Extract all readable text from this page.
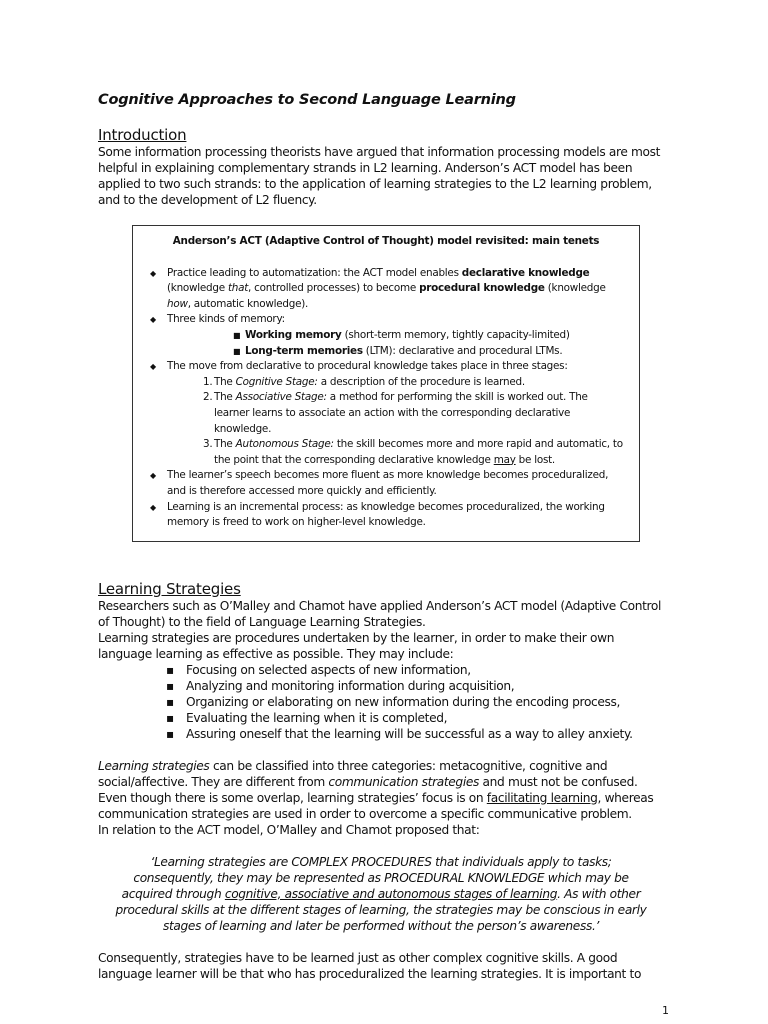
Cognitive Approaches to Second Language Learning

Introduction

Some information processing theorists have argued that information processing models are most helpful in explaining complementary strands in L2 learning. Anderson’s ACT model has been applied to two such strands: to the application of learning strategies to the L2 learning problem, and to the development of L2 fluency.

Anderson’s ACT (Adaptive Control of Thought) model revisited: main tenets

◆ Practice leading to automatization: the ACT model enables declarative knowledge (knowledge that, controlled processes) to become procedural knowledge (knowledge how, automatic knowledge).
◆ Three kinds of memory:
■ Working memory (short-term memory, tightly capacity-limited)
■ Long-term memories (LTM): declarative and procedural LTMs.
◆ The move from declarative to procedural knowledge takes place in three stages:
1. The Cognitive Stage: a description of the procedure is learned.
2. The Associative Stage: a method for performing the skill is worked out. The learner learns to associate an action with the corresponding declarative knowledge.
3. The Autonomous Stage: the skill becomes more and more rapid and automatic, to the point that the corresponding declarative knowledge may be lost.
◆ The learner’s speech becomes more fluent as more knowledge becomes proceduralized, and is therefore accessed more quickly and efficiently.
◆ Learning is an incremental process: as knowledge becomes proceduralized, the working memory is freed to work on higher-level knowledge.
Learning Strategies

Researchers such as O’Malley and Chamot have applied Anderson’s ACT model (Adaptive Control of Thought) to the field of Language Learning Strategies.

Learning strategies are procedures undertaken by the learner, in order to make their own language learning as effective as possible. They may include:

▪ Focusing on selected aspects of new information,
▪ Analyzing and monitoring information during acquisition,
▪ Organizing or elaborating on new information during the encoding process,
▪ Evaluating the learning when it is completed,
▪ Assuring oneself that the learning will be successful as a way to alley anxiety.

Learning strategies can be classified into three categories: metacognitive, cognitive and social/affective. They are different from communication strategies and must not be confused. Even though there is some overlap, learning strategies’ focus is on facilitating learning, whereas communication strategies are used in order to overcome a specific communicative problem.

In relation to the ACT model, O’Malley and Chamot proposed that:

‘Learning strategies are COMPLEX PROCEDURES that individuals apply to tasks; consequently, they may be represented as PROCEDURAL KNOWLEDGE which may be acquired through cognitive, associative and autonomous stages of learning. As with other procedural skills at the different stages of learning, the strategies may be conscious in early stages of learning and later be performed without the person’s awareness.’

Consequently, strategies have to be learned just as other complex cognitive skills. A good language learner will be that who has proceduralized the learning strategies. It is important to

1
